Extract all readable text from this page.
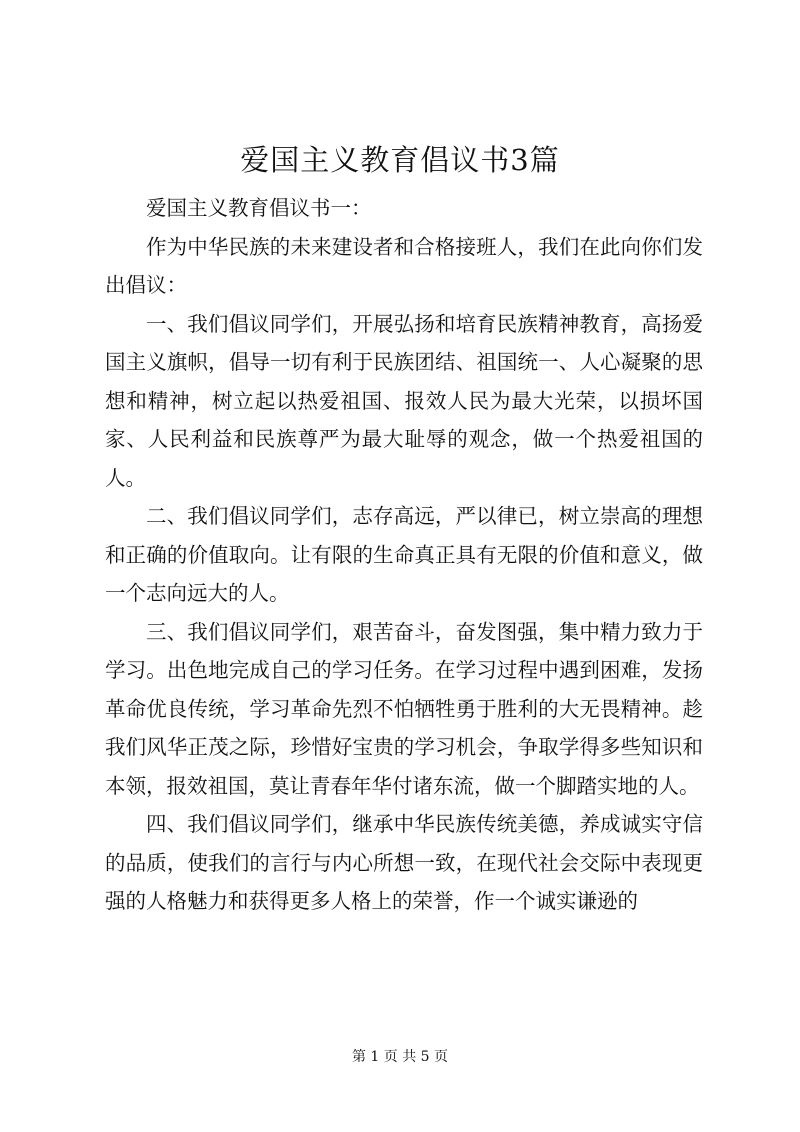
爱国主义教育倡议书3篇

爱国主义教育倡议书一：

作为中华民族的未来建设者和合格接班人，我们在此向你们发出倡议：

一、我们倡议同学们，开展弘扬和培育民族精神教育，高扬爱国主义旗帜，倡导一切有利于民族团结、祖国统一、人心凝聚的思想和精神，树立起以热爱祖国、报效人民为最大光荣，以损坏国家、人民利益和民族尊严为最大耻辱的观念，做一个热爱祖国的人。

二、我们倡议同学们，志存高远，严以律已，树立崇高的理想和正确的价值取向。让有限的生命真正具有无限的价值和意义，做一个志向远大的人。

三、我们倡议同学们，艰苦奋斗，奋发图强，集中精力致力于学习。出色地完成自己的学习任务。在学习过程中遇到困难，发扬革命优良传统，学习革命先烈不怕牺牲勇于胜利的大无畏精神。趁我们风华正茂之际，珍惜好宝贵的学习机会，争取学得多些知识和本领，报效祖国，莫让青春年华付诸东流，做一个脚踏实地的人。

四、我们倡议同学们，继承中华民族传统美德，养成诚实守信的品质，使我们的言行与内心所想一致，在现代社会交际中表现更强的人格魅力和获得更多人格上的荣誉，作一个诚实谦逊的

第 1 页 共 5 页
